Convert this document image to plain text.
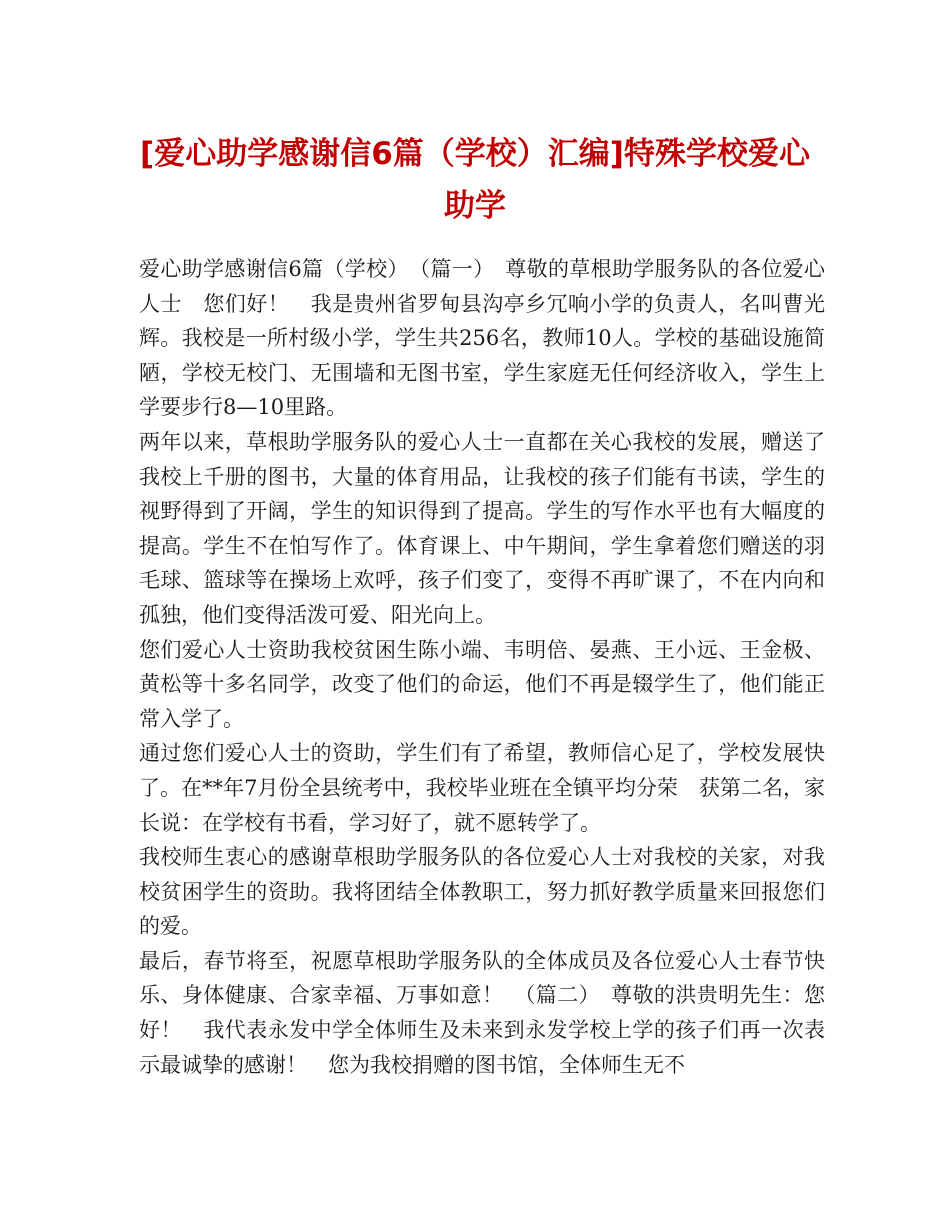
[爱心助学感谢信6篇（学校）汇编]特殊学校爱心助学

爱心助学感谢信6篇（学校）　（篇一）　尊敬的草根助学服务队的各位爱心人士　您们好！　我是贵州省罗甸县沟亭乡冗响小学的负责人，名叫曹光辉。我校是一所村级小学，学生共256名，教师10人。学校的基础设施简陋，学校无校门、无围墙和无图书室，学生家庭无任何经济收入，学生上学要步行8—10里路。

两年以来，草根助学服务队的爱心人士一直都在关心我校的发展，赠送了我校上千册的图书，大量的体育用品，让我校的孩子们能有书读，学生的视野得到了开阔，学生的知识得到了提高。学生的写作水平也有大幅度的提高。学生不在怕写作了。体育课上、中午期间，学生拿着您们赠送的羽毛球、篮球等在操场上欢呼，孩子们变了，变得不再旷课了，不在内向和孤独，他们变得活泼可爱、阳光向上。

您们爱心人士资助我校贫困生陈小端、韦明倍、晏燕、王小远、王金极、黄松等十多名同学，改变了他们的命运，他们不再是辍学生了，他们能正常入学了。

通过您们爱心人士的资助，学生们有了希望，教师信心足了，学校发展快了。在**年7月份全县统考中，我校毕业班在全镇平均分荣　获第二名，家长说：在学校有书看，学习好了，就不愿转学了。

我校师生衷心的感谢草根助学服务队的各位爱心人士对我校的关家，对我校贫困学生的资助。我将团结全体教职工，努力抓好教学质量来回报您们的爱。

最后，春节将至，祝愿草根助学服务队的全体成员及各位爱心人士春节快乐、身体健康、合家幸福、万事如意！　（篇二）　尊敬的洪贵明先生：您好！　我代表永发中学全体师生及未来到永发学校上学的孩子们再一次表示最诚挚的感谢！　您为我校捐赠的图书馆，全体师生无不
